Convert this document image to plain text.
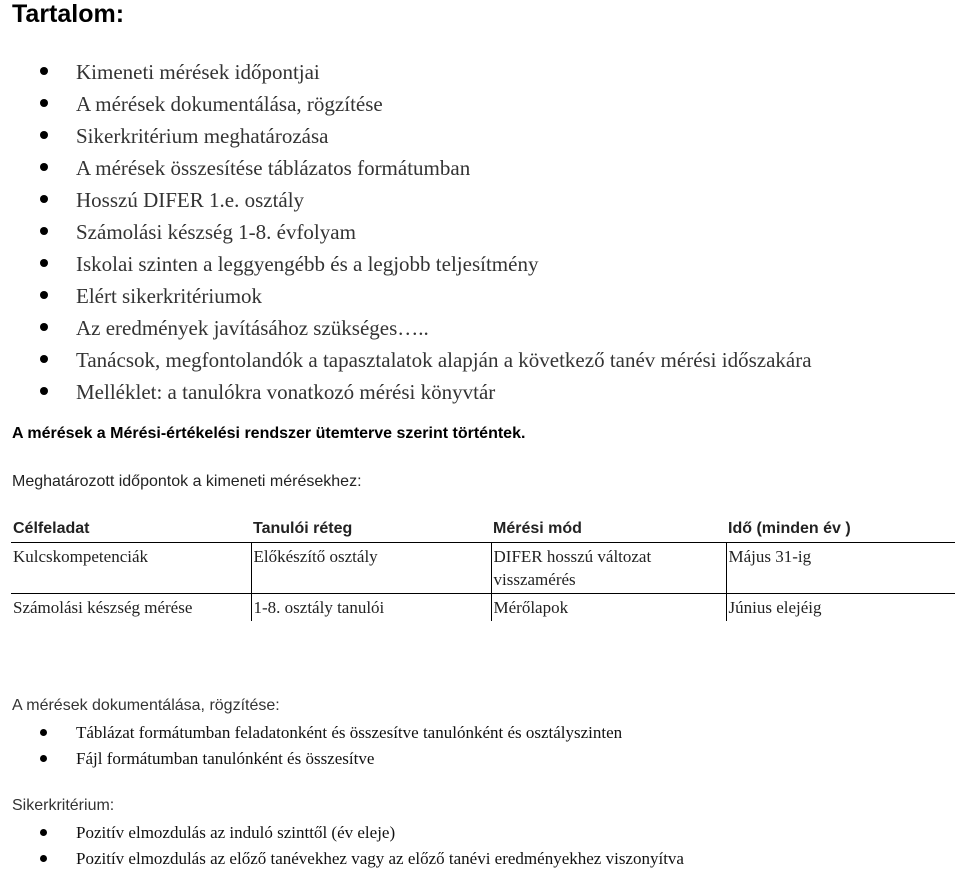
Tartalom:
Kimeneti mérések időpontjai
A mérések dokumentálása, rögzítése
Sikerkritérium meghatározása
A mérések összesítése táblázatos formátumban
Hosszú DIFER 1.e. osztály
Számolási készség 1-8. évfolyam
Iskolai szinten a leggyengébb és a legjobb teljesítmény
Elért sikerkritériumok
Az eredmények javításához szükséges…..
Tanácsok, megfontolandók a tapasztalatok alapján a következő tanév mérési időszakára
Melléklet: a tanulókra vonatkozó mérési könyvtár

A mérések a Mérési-értékelési rendszer ütemterve szerint történtek.

Meghatározott időpontok a kimeneti mérésekhez:

Célfeladat	Tanulói réteg	Mérési mód	Idő (minden év )
Kulcskompetenciák	Előkészítő osztály	DIFER hosszú változat visszamérés	Május 31-ig
Számolási készség mérése	1-8. osztály tanulói	Mérőlapok	Június elejéig

A mérések dokumentálása, rögzítése:

Táblázat formátumban feladatonként és összesítve tanulónként és osztályszinten
Fájl formátumban tanulónként és összesítve

Sikerkritérium:

Pozitív elmozdulás az induló szinttől (év eleje)
Pozitív elmozdulás az előző tanévekhez vagy az előző tanévi eredményekhez viszonyítva
